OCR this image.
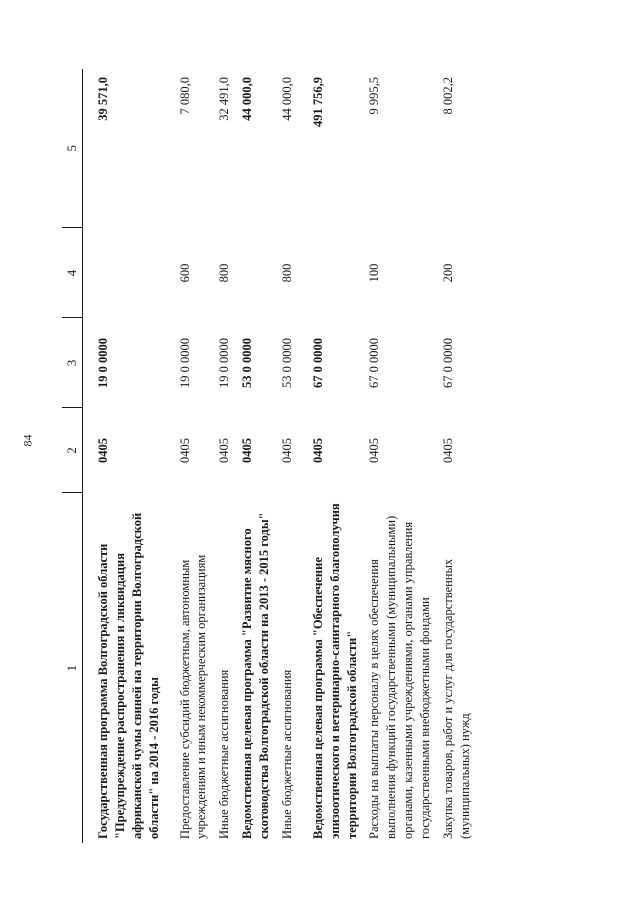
84
1	2	3	4	5

Государственная программа Волгоградской области "Предупреждение распространения и ликвидация африканской чумы свиней на территории Волгоградской области" на 2014 - 2016 годы	0405	19 0 0000		39 571,0

Предоставление субсидий бюджетным, автономным учреждениям и иным некоммерческим организациям	0405	19 0 0000	600	7 080,0
Иные бюджетные ассигнования	0405	19 0 0000	800	32 491,0
Ведомственная целевая программа "Развитие мясного скотоводства Волгоградской области на 2013 - 2015 годы"	0405	53 0 0000		44 000,0
Иные бюджетные ассигнования	0405	53 0 0000	800	44 000,0

Ведомственная целевая программа "Обеспечение эпизоотического и ветеринарно-санитарного благополучия территории Волгоградской области"	0405	67 0 0000		491 756,9
Расходы на выплаты персоналу в целях обеспечения выполнения функций государственными (муниципальными) органами, казенными учреждениями, органами управления государственными внебюджетными фондами	0405	67 0 0000	100	9 995,5
Закупка товаров, работ и услуг для государственных (муниципальных) нужд	0405	67 0 0000	200	8 002,2
